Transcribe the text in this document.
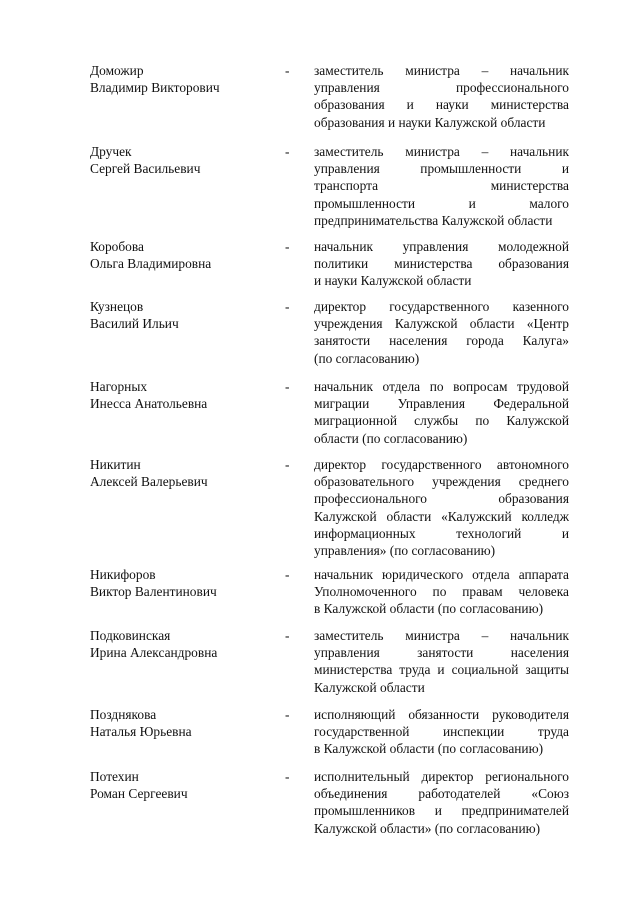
Доможир
Владимир Викторович
- заместитель министра – начальник
управления профессионального
образования и науки министерства
образования и науки Калужской области
Дручек
Сергей Васильевич
- заместитель министра – начальник
управления промышленности и
транспорта министерства
промышленности и малого
предпринимательства Калужской области
Коробова
Ольга Владимировна
- начальник управления молодежной
политики министерства образования
и науки Калужской области
Кузнецов
Василий Ильич
- директор государственного казенного
учреждения Калужской области «Центр
занятости населения города Калуга»
(по согласованию)
Нагорных
Инесса Анатольевна
- начальник отдела по вопросам трудовой
миграции Управления Федеральной
миграционной службы по Калужской
области (по согласованию)
Никитин
Алексей Валерьевич
- директор государственного автономного
образовательного учреждения среднего
профессионального образования
Калужской области «Калужский колледж
информационных технологий и
управления» (по согласованию)
Никифоров
Виктор Валентинович
- начальник юридического отдела аппарата
Уполномоченного по правам человека
в Калужской области (по согласованию)
Подковинская
Ирина Александровна
- заместитель министра – начальник
управления занятости населения
министерства труда и социальной защиты
Калужской области
Позднякова
Наталья Юрьевна
- исполняющий обязанности руководителя
государственной инспекции труда
в Калужской области (по согласованию)
Потехин
Роман Сергеевич
- исполнительный директор регионального
объединения работодателей «Союз
промышленников и предпринимателей
Калужской области» (по согласованию)
